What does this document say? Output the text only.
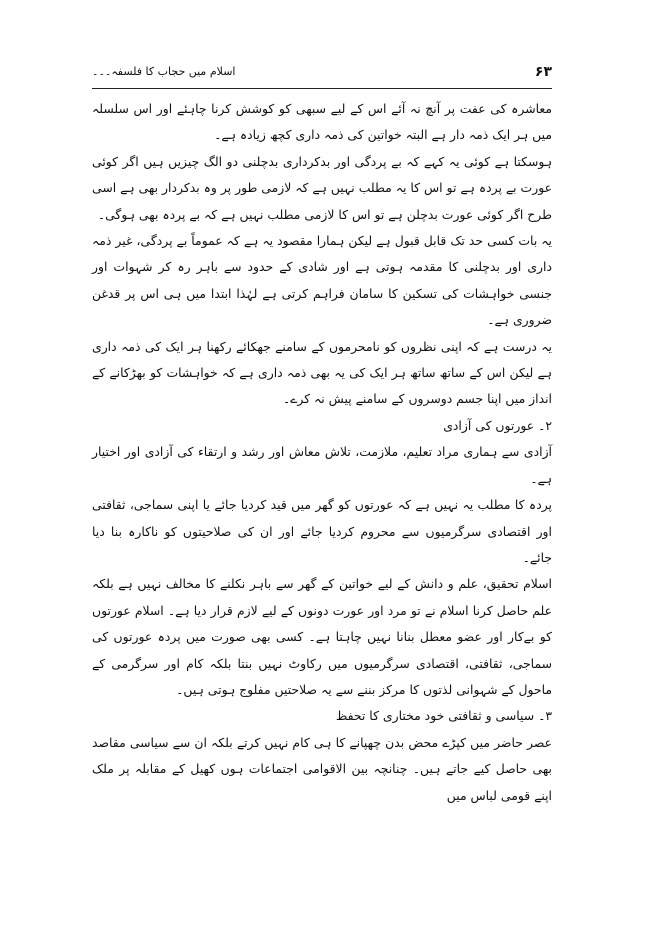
۶۳
اسلام میں حجاب کا فلسفہ۔۔۔

معاشرہ کی عفت پر آنچ نہ آئے اس کے لیے سبھی کو کوشش کرنا چاہئے اور اس سلسلہ میں ہر ایک ذمہ دار ہے البتہ خواتین کی ذمہ داری کچھ زیادہ ہے۔

ہوسکتا ہے کوئی یہ کہے کہ بے پردگی اور بدکرداری بدچلنی دو الگ چیزیں ہیں اگر کوئی عورت بے پردہ ہے تو اس کا یہ مطلب نہیں ہے کہ لازمی طور پر وہ بدکردار بھی ہے اسی طرح اگر کوئی عورت بدچلن ہے تو اس کا لازمی مطلب نہیں ہے کہ بے پردہ بھی ہوگی۔

یہ بات کسی حد تک قابل قبول ہے لیکن ہمارا مقصود یہ ہے کہ عموماً بے پردگی، غیر ذمہ داری اور بدچلنی کا مقدمہ ہوتی ہے اور شادی کے حدود سے باہر رہ کر شہوات اور جنسی خواہشات کی تسکین کا سامان فراہم کرتی ہے لہٰذا ابتدا میں ہی اس پر قدغن ضروری ہے۔

یہ درست ہے کہ اپنی نظروں کو نامحرموں کے سامنے جھکائے رکھنا ہر ایک کی ذمہ داری ہے لیکن اس کے ساتھ ساتھ ہر ایک کی یہ بھی ذمہ داری ہے کہ خواہشات کو بھڑکانے کے انداز میں اپنا جسم دوسروں کے سامنے پیش نہ کرے۔

۲۔ عورتوں کی آزادی

آزادی سے ہماری مراد تعلیم، ملازمت، تلاش معاش اور رشد و ارتقاء کی آزادی اور اختیار ہے۔

پردہ کا مطلب یہ نہیں ہے کہ عورتوں کو گھر میں قید کردیا جائے یا اپنی سماجی، ثقافتی اور اقتصادی سرگرمیوں سے محروم کردیا جائے اور ان کی صلاحیتوں کو ناکارہ بنا دیا جائے۔

اسلام تحقیق، علم و دانش کے لیے خواتین کے گھر سے باہر نکلنے کا مخالف نہیں ہے بلکہ علم حاصل کرنا اسلام نے تو مرد اور عورت دونوں کے لیے لازم قرار دیا ہے۔ اسلام عورتوں کو بےکار اور عضو معطل بنانا نہیں چاہتا ہے۔ کسی بھی صورت میں پردہ عورتوں کی سماجی، ثقافتی، اقتصادی سرگرمیوں میں رکاوٹ نہیں بنتا بلکہ کام اور سرگرمی کے ماحول کے شہوانی لذتوں کا مرکز بننے سے یہ صلاحتیں مفلوج ہوتی ہیں۔

۳۔ سیاسی و ثقافتی خود مختاری کا تحفظ

عصر حاضر میں کپڑے محض بدن چھپانے کا ہی کام نہیں کرتے بلکہ ان سے سیاسی مقاصد بھی حاصل کیے جاتے ہیں۔ چنانچہ بین الاقوامی اجتماعات ہوں کھیل کے مقابلہ پر ملک اپنے قومی لباس میں
